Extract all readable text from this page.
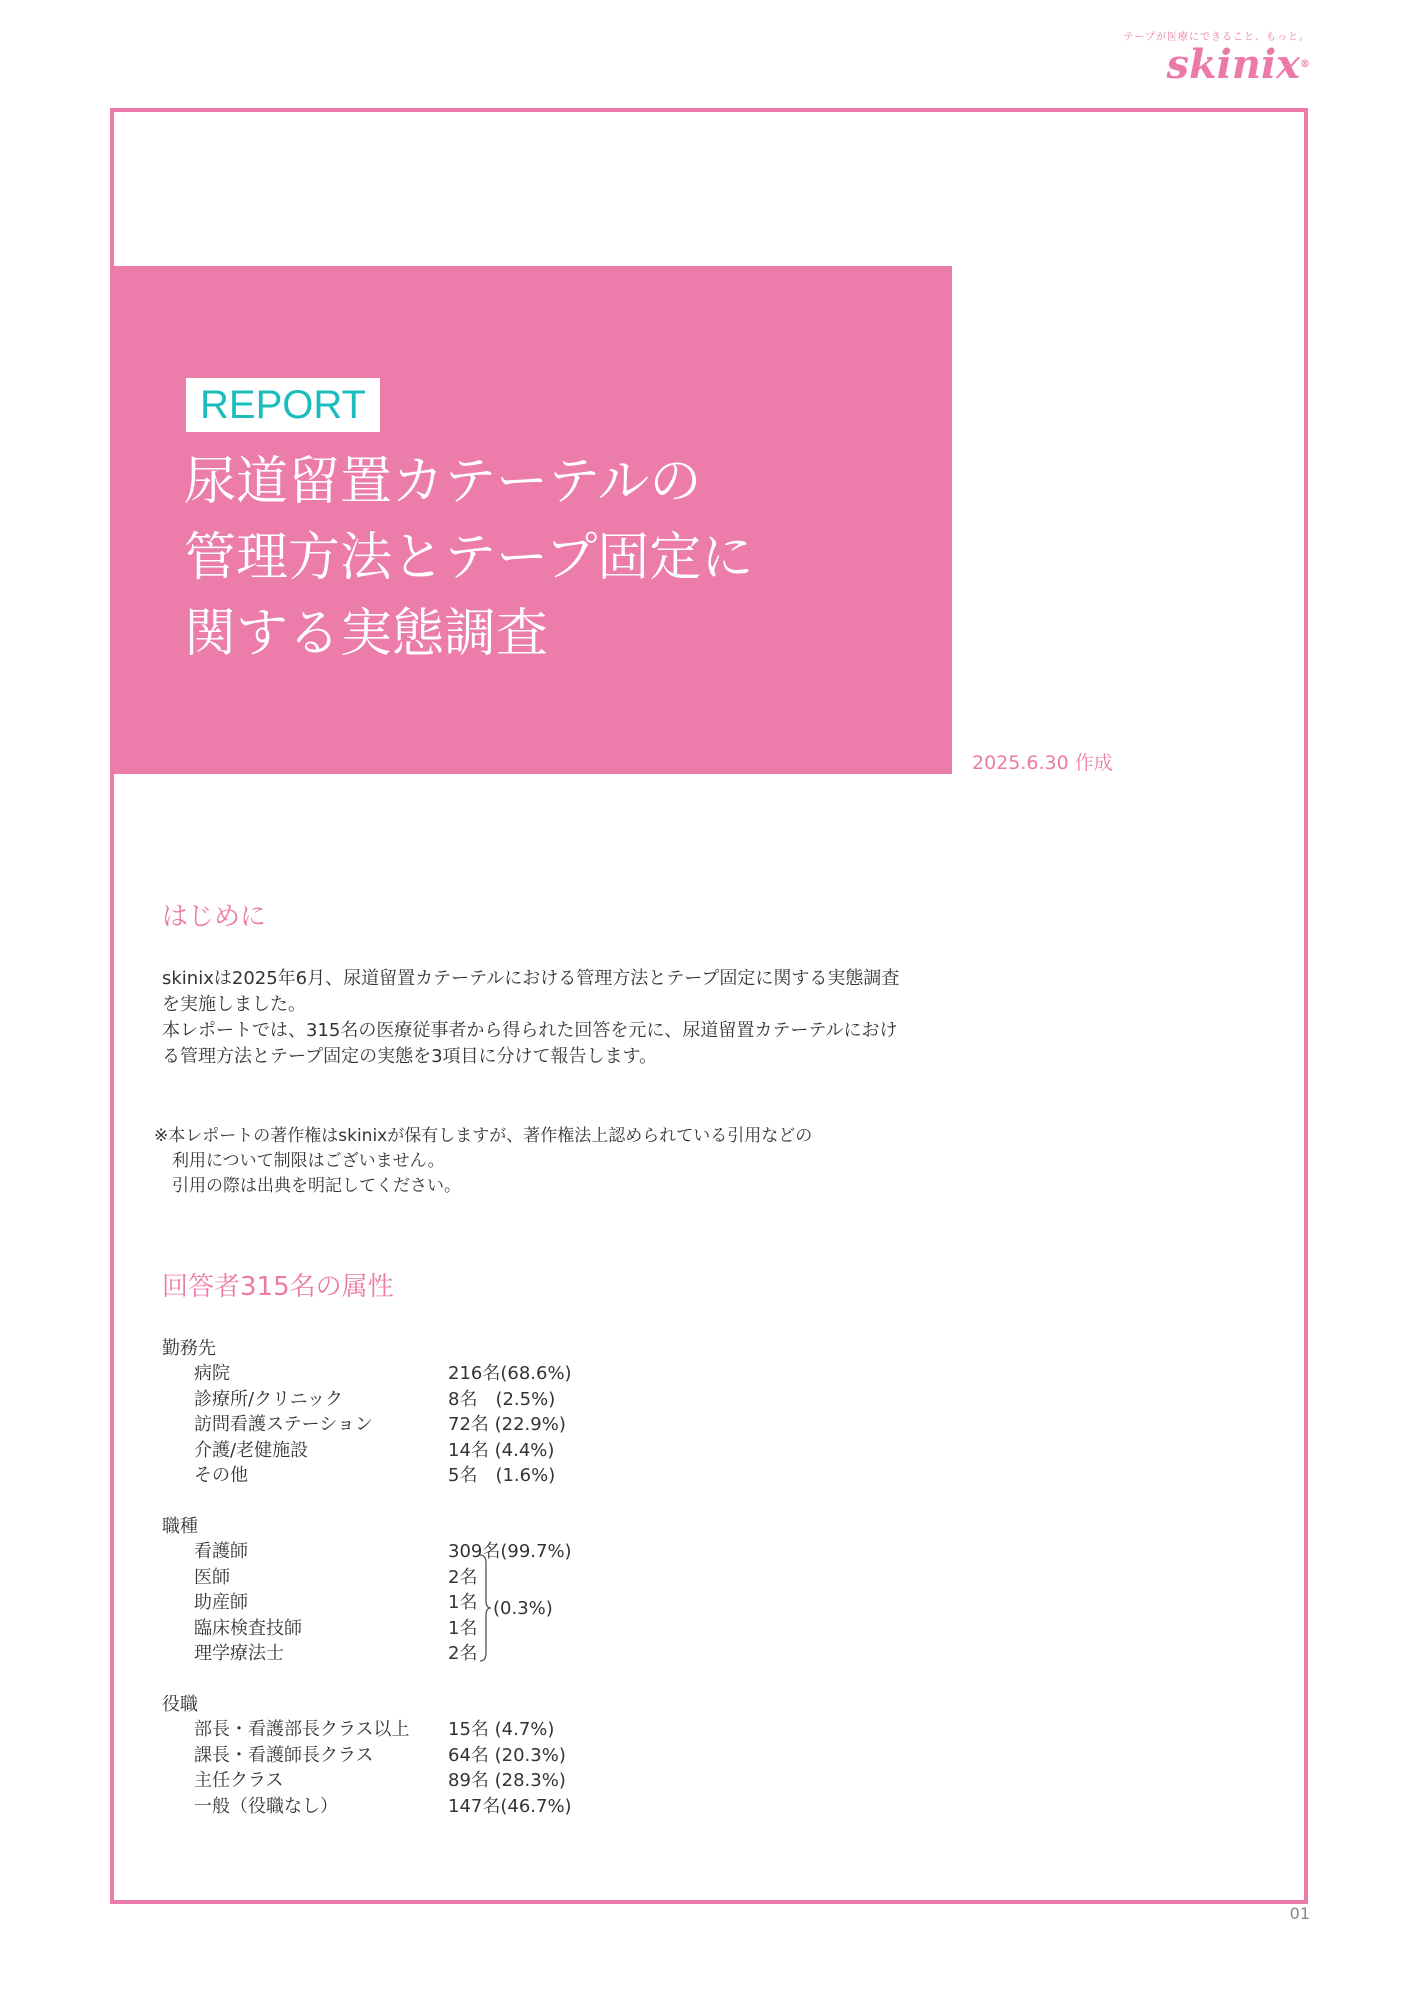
テープが医療にできること、もっと。
skinix®
REPORT
尿道留置カテーテルの
管理方法とテープ固定に
関する実態調査
2025.6.30 作成
はじめに

skinixは2025年6月、尿道留置カテーテルにおける管理方法とテープ固定に関する実態調査を実施しました。

本レポートでは、315名の医療従事者から得られた回答を元に、尿道留置カテーテルにおける管理方法とテープ固定の実態を3項目に分けて報告します。

※本レポートの著作権はskinixが保有しますが、著作権法上認められている引用などの
利用について制限はございません。
引用の際は出典を明記してください。
回答者315名の属性
勤務先
病院	216名(68.6%)
診療所/クリニック	8名　(2.5%)
訪問看護ステーション	72名 (22.9%)
介護/老健施設	14名 (4.4%)
その他	5名　(1.6%)
職種
看護師	309名(99.7%)
医師	2名
助産師	1名
臨床検査技師	1名
理学療法士	2名
(0.3%)
役職
部長・看護部長クラス以上 15名 (4.7%)
課長・看護師長クラス	64名 (20.3%)
主任クラス	89名 (28.3%)
一般（役職なし）	147名(46.7%)
01
